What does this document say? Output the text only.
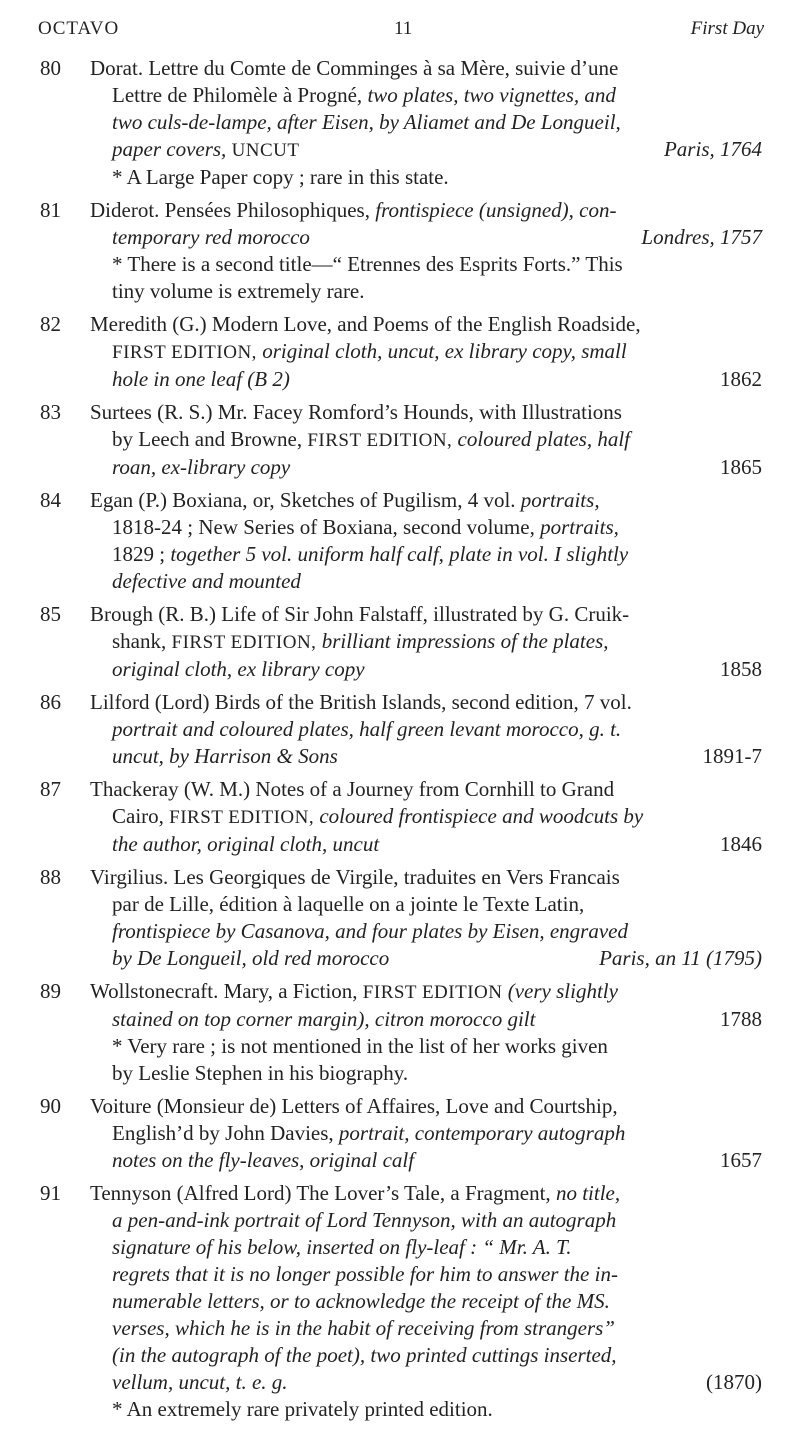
OCTAVO	11	First Day
80 Dorat. Lettre du Comte de Comminges à sa Mère, suivie d’une
Lettre de Philomèle à Progné, two plates, two vignettes, and
two culs-de-lampe, after Eisen, by Aliamet and De Longueil,
paper covers, UNCUT	Paris, 1764
* A Large Paper copy ; rare in this state.
81 Diderot. Pensées Philosophiques, frontispiece (unsigned), con-
temporary red morocco	Londres, 1757
* There is a second title—“ Etrennes des Esprits Forts.” This
tiny volume is extremely rare.
82 Meredith (G.) Modern Love, and Poems of the English Roadside,
FIRST EDITION, original cloth, uncut, ex library copy, small
hole in one leaf (B 2)	1862
83 Surtees (R. S.) Mr. Facey Romford’s Hounds, with Illustrations
by Leech and Browne, FIRST EDITION, coloured plates, half
roan, ex-library copy	1865
84 Egan (P.) Boxiana, or, Sketches of Pugilism, 4 vol. portraits,
1818-24 ; New Series of Boxiana, second volume, portraits,
1829 ; together 5 vol. uniform half calf, plate in vol. I slightly
defective and mounted
85 Brough (R. B.) Life of Sir John Falstaff, illustrated by G. Cruik-
shank, FIRST EDITION, brilliant impressions of the plates,
original cloth, ex library copy	1858
86 Lilford (Lord) Birds of the British Islands, second edition, 7 vol.
portrait and coloured plates, half green levant morocco, g. t.
uncut, by Harrison & Sons	1891-7
87 Thackeray (W. M.) Notes of a Journey from Cornhill to Grand
Cairo, FIRST EDITION, coloured frontispiece and woodcuts by
the author, original cloth, uncut	1846
88 Virgilius. Les Georgiques de Virgile, traduites en Vers Francais
par de Lille, édition à laquelle on a jointe le Texte Latin,
frontispiece by Casanova, and four plates by Eisen, engraved
by De Longueil, old red morocco	Paris, an 11 (1795)
89 Wollstonecraft. Mary, a Fiction, FIRST EDITION (very slightly
stained on top corner margin), citron morocco gilt	1788
* Very rare ; is not mentioned in the list of her works given
by Leslie Stephen in his biography.
90 Voiture (Monsieur de) Letters of Affaires, Love and Courtship,
English’d by John Davies, portrait, contemporary autograph
notes on the fly-leaves, original calf	1657
91 Tennyson (Alfred Lord) The Lover’s Tale, a Fragment, no title,
a pen-and-ink portrait of Lord Tennyson, with an autograph
signature of his below, inserted on fly-leaf : “ Mr. A. T.
regrets that it is no longer possible for him to answer the in-
numerable letters, or to acknowledge the receipt of the MS.
verses, which he is in the habit of receiving from strangers”
(in the autograph of the poet), two printed cuttings inserted,
vellum, uncut, t. e. g.	(1870)
* An extremely rare privately printed edition.
